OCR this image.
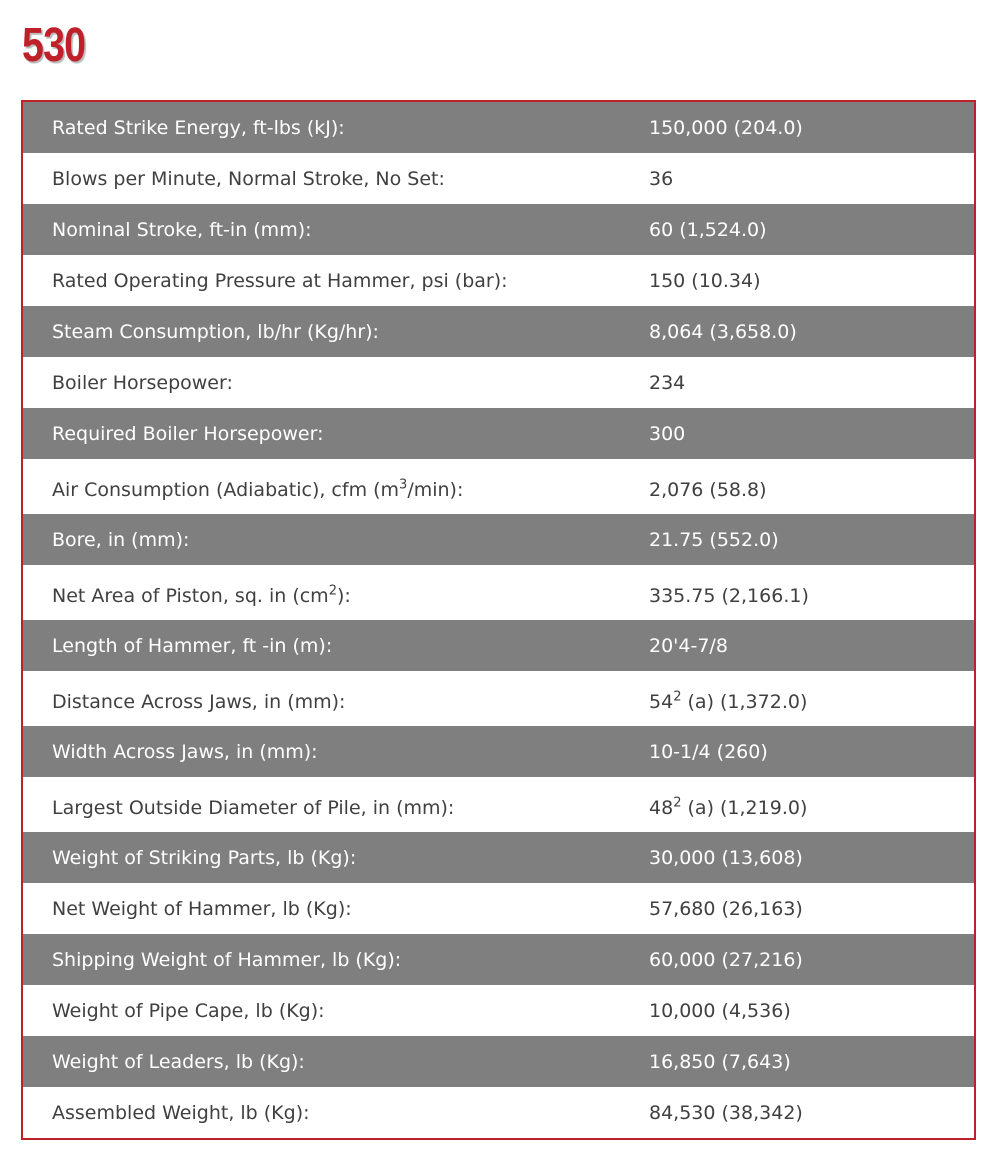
530
Rated Strike Energy, ft-lbs (kJ):	150,000 (204.0)
Blows per Minute, Normal Stroke, No Set:	36
Nominal Stroke, ft-in (mm):	60 (1,524.0)
Rated Operating Pressure at Hammer, psi (bar):	150 (10.34)
Steam Consumption, lb/hr (Kg/hr):	8,064 (3,658.0)
Boiler Horsepower:	234
Required Boiler Horsepower:	300
Air Consumption (Adiabatic), cfm $(m^3/\min)$:	2,076 (58.8)
Bore, in (mm):	21.75 (552.0)
Net Area of Piston, sq. in $(cm^2)$:	335.75 (2,166.1)
Length of Hammer, ft -in (m):	20'4-7/8
Distance Across Jaws, in (mm):	$54^2$ (a) (1,372.0)
Width Across Jaws, in (mm):	10-1/4 (260)
Largest Outside Diameter of Pile, in (mm):	$48^2$ (a) (1,219.0)
Weight of Striking Parts, lb (Kg):	30,000 (13,608)
Net Weight of Hammer, lb (Kg):	57,680 (26,163)
Shipping Weight of Hammer, lb (Kg):	60,000 (27,216)
Weight of Pipe Cape, lb (Kg):	10,000 (4,536)
Weight of Leaders, lb (Kg):	16,850 (7,643)
Assembled Weight, lb (Kg):	84,530 (38,342)
